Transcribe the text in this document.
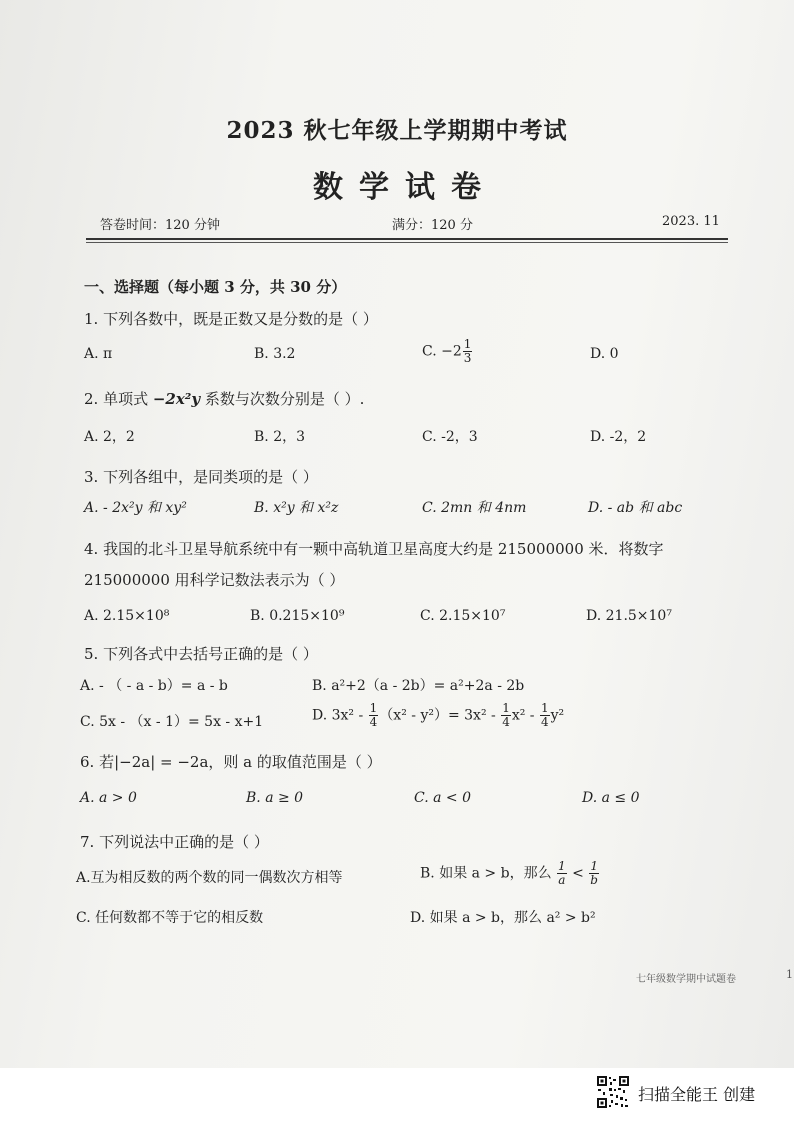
2023 秋七年级上学期期中考试
数学试卷
答卷时间：120 分钟	满分：120 分	2023. 11
一、选择题（每小题 3 分，共 30 分）
1. 下列各数中，既是正数又是分数的是（ ）
A. π	B. 3.2	C. $-2 \frac{1}{3}$	D. 0
2. 单项式 −2x²y 系数与次数分别是（ ）.
A. 2，2	B. 2，3	C. -2，3	D. -2，2
3. 下列各组中，是同类项的是（ ）
A. - 2x²y 和 xy²	B. x²y 和 x²z	C. 2mn 和 4nm	D. - ab 和 abc
4. 我国的北斗卫星导航系统中有一颗中高轨道卫星高度大约是 215000000 米．将数字
215000000 用科学记数法表示为（ ）
A. 2.15×10⁸	B. 0.215×10⁹	C. 2.15×10⁷	D. 21.5×10⁷
5. 下列各式中去括号正确的是（ ）
A. - （ - a - b）= a - b	B. a²+2（a - 2b）= a²+2a - 2b
C. 5x - （x - 1）= 5x - x+1	D. $3x^2 - \frac{1}{4} (x^2 - y^2)= 3x^2 - \frac{1}{4} x^2 - \frac{1}{4} y^2$
6. 若|−2a| = −2a，则 a 的取值范围是（ ）
A. a > 0	B. a ≥ 0	C. a < 0	D. a ≤ 0
7. 下列说法中正确的是（ ）
A.互为相反数的两个数的同一偶数次方相等	B. 如果 a > b，那么 $\frac{1}{a} < \frac{1}{b}$
C. 任何数都不等于它的相反数	D. 如果 a > b，那么 a² > b²
七年级数学期中试题卷	1
扫描全能王 创建
